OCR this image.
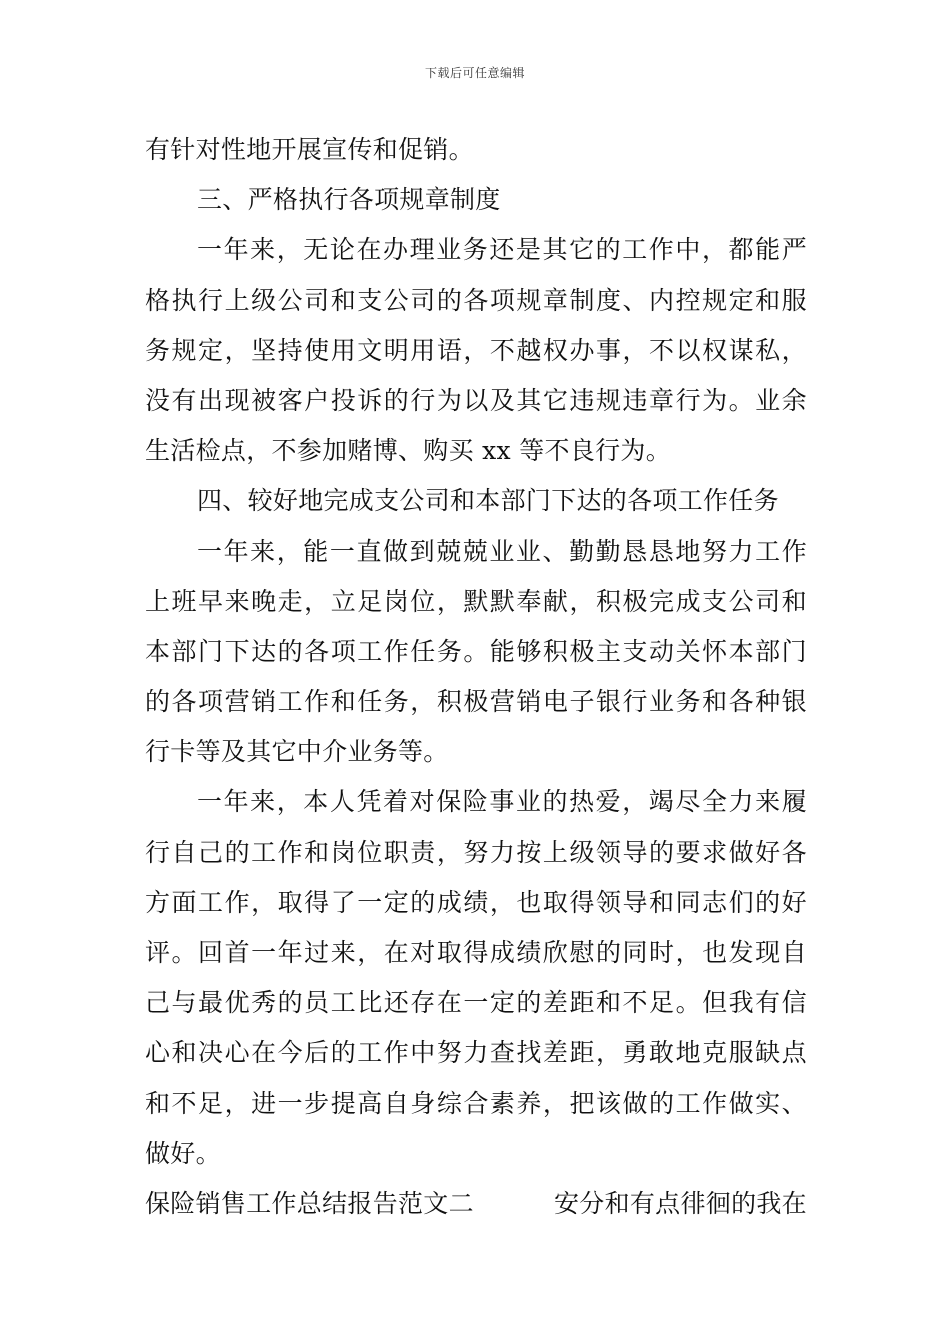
下载后可任意编辑
有针对性地开展宣传和促销。
三、严格执行各项规章制度
一年来，无论在办理业务还是其它的工作中，都能严
格执行上级公司和支公司的各项规章制度、内控规定和服
务规定，坚持使用文明用语，不越权办事，不以权谋私，
没有出现被客户投诉的行为以及其它违规违章行为。业余
生活检点，不参加赌博、购买 xx 等不良行为。
四、较好地完成支公司和本部门下达的各项工作任务
一年来，能一直做到兢兢业业、勤勤恳恳地努力工作
上班早来晚走，立足岗位，默默奉献，积极完成支公司和
本部门下达的各项工作任务。能够积极主支动关怀本部门
的各项营销工作和任务，积极营销电子银行业务和各种银
行卡等及其它中介业务等。
一年来，本人凭着对保险事业的热爱，竭尽全力来履
行自己的工作和岗位职责，努力按上级领导的要求做好各
方面工作，取得了一定的成绩，也取得领导和同志们的好
评。回首一年过来，在对取得成绩欣慰的同时，也发现自
己与最优秀的员工比还存在一定的差距和不足。但我有信
心和决心在今后的工作中努力查找差距，勇敢地克服缺点
和不足，进一步提高自身综合素养，把该做的工作做实、
做好。
保险销售工作总结报告范文二	安分和有点徘徊的我在
